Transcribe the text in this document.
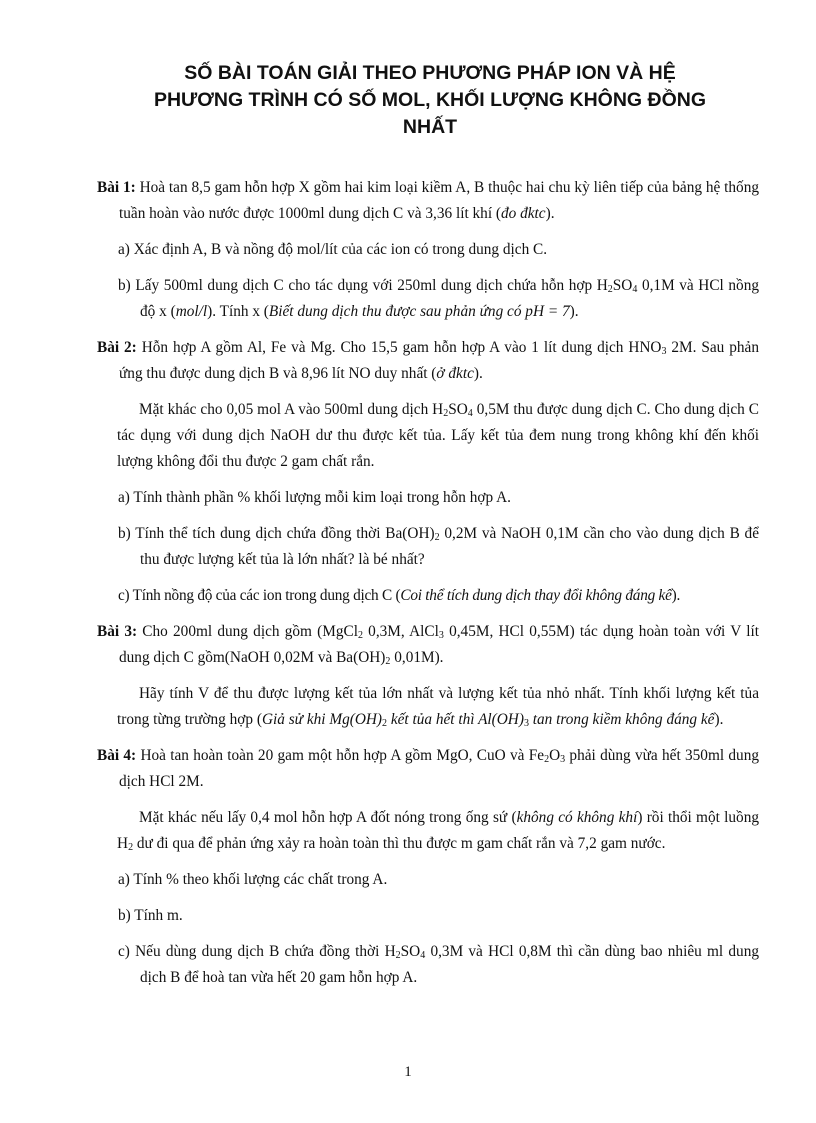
SỐ BÀI TOÁN GIẢI THEO PHƯƠNG PHÁP ION VÀ HỆ
PHƯƠNG TRÌNH CÓ SỐ MOL, KHỐI LƯỢNG KHÔNG ĐỒNG
NHẤT

Bài 1: Hoà tan 8,5 gam hỗn hợp X gồm hai kim loại kiềm A, B thuộc hai chu kỳ liên tiếp của bảng hệ thống tuần hoàn vào nước được 1000ml dung dịch C và 3,36 lít khí (đo đktc).

a) Xác định A, B và nồng độ mol/lít của các ion có trong dung dịch C.

b) Lấy 500ml dung dịch C cho tác dụng với 250ml dung dịch chứa hỗn hợp $H_2SO_4$ 0,1M và HCl nồng độ x (mol/l). Tính x (Biết dung dịch thu được sau phản ứng có pH = 7).

Bài 2: Hỗn hợp A gồm Al, Fe và Mg. Cho 15,5 gam hỗn hợp A vào 1 lít dung dịch $HNO_3$ 2M. Sau phản ứng thu được dung dịch B và 8,96 lít NO duy nhất (ở đktc).

Mặt khác cho 0,05 mol A vào 500ml dung dịch $H_2SO_4$ 0,5M thu được dung dịch C. Cho dung dịch C tác dụng với dung dịch NaOH dư thu được kết tủa. Lấy kết tủa đem nung trong không khí đến khối lượng không đổi thu được 2 gam chất rắn.

a) Tính thành phần % khối lượng mỗi kim loại trong hỗn hợp A.

b) Tính thể tích dung dịch chứa đồng thời $Ba(OH)_2$ 0,2M và NaOH 0,1M cần cho vào dung dịch B để thu được lượng kết tủa là lớn nhất? là bé nhất?

c) Tính nồng độ của các ion trong dung dịch C (Coi thể tích dung dịch thay đổi không đáng kể).

Bài 3: Cho 200ml dung dịch gồm (MgCl$_2$ 0,3M, AlCl$_3$ 0,45M, HCl 0,55M) tác dụng hoàn toàn với V lít dung dịch C gồm(NaOH 0,02M và $Ba(OH)_2$ 0,01M).

Hãy tính V để thu được lượng kết tủa lớn nhất và lượng kết tủa nhỏ nhất. Tính khối lượng kết tủa trong từng trường hợp (Giả sử khi $Mg(OH)_2$ kết tủa hết thì $Al(OH)_3$ tan trong kiềm không đáng kể).

Bài 4: Hoà tan hoàn toàn 20 gam một hỗn hợp A gồm MgO, CuO và $Fe_2O_3$ phải dùng vừa hết 350ml dung dịch HCl 2M.

Mặt khác nếu lấy 0,4 mol hỗn hợp A đốt nóng trong ống sứ (không có không khí) rồi thổi một luồng $H_2$ dư đi qua để phản ứng xảy ra hoàn toàn thì thu được m gam chất rắn và 7,2 gam nước.

a) Tính % theo khối lượng các chất trong A.

b) Tính m.

c) Nếu dùng dung dịch B chứa đồng thời $H_2SO_4$ 0,3M và HCl 0,8M thì cần dùng bao nhiêu ml dung dịch B để hoà tan vừa hết 20 gam hỗn hợp A.

1
